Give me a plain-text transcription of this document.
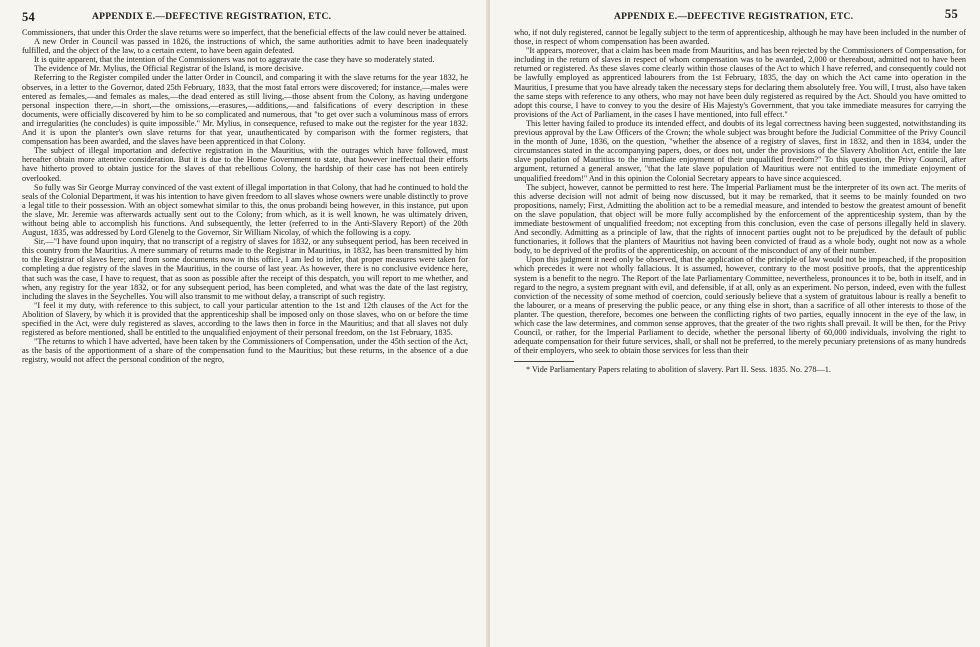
54	APPENDIX E.—DEFECTIVE REGISTRATION, ETC.

Commissioners, that under this Order the slave returns were so imperfect, that the beneficial effects of the law could never be attained.

A new Order in Council was passed in 1826, the instructions of which, the same authorities admit to have been inadequately fulfilled, and the object of the law, to a certain extent, to have been again defeated.

It is quite apparent, that the intention of the Commissioners was not to aggravate the case they have so moderately stated.

The evidence of Mr. Mylius, the Official Registrar of the Island, is more decisive.

Referring to the Register compiled under the latter Order in Council, and comparing it with the slave returns for the year 1832, he observes, in a letter to the Governor, dated 25th February, 1833, that the most fatal errors were discovered; for instance,—males were entered as females,—and females as males,—the dead entered as still living,—those absent from the Colony, as having undergone personal inspection there,—in short,—the omissions,—erasures,—additions,—and falsifications of every description in these documents, were officially discovered by him to be so complicated and numerous, that "to get over such a voluminous mass of errors and irregularities (he concludes) is quite impossible." Mr. Mylius, in consequence, refused to make out the register for the year 1832. And it is upon the planter's own slave returns for that year, unauthenticated by comparison with the former registers, that compensation has been awarded, and the slaves have been apprenticed in that Colony.

The subject of illegal importation and defective registration in the Mauritius, with the outrages which have followed, must hereafter obtain more attentive consideration. But it is due to the Home Government to state, that however ineffectual their efforts have hitherto proved to obtain justice for the slaves of that rebellious Colony, the hardship of their case has not been entirely overlooked.

So fully was Sir George Murray convinced of the vast extent of illegal importation in that Colony, that had he continued to hold the seals of the Colonial Department, it was his intention to have given freedom to all slaves whose owners were unable distinctly to prove a legal title to their possession. With an object somewhat similar to this, the onus probandi being however, in this instance, put upon the slave, Mr. Jeremie was afterwards actually sent out to the Colony; from which, as it is well known, he was ultimately driven, without being able to accomplish his functions. And subsequently, the letter (referred to in the Anti-Slavery Report) of the 20th August, 1835, was addressed by Lord Glenelg to the Governor, Sir William Nicolay, of which the following is a copy.

Sir,—"I have found upon inquiry, that no transcript of a registry of slaves for 1832, or any subsequent period, has been received in this country from the Mauritius. A mere summary of returns made to the Registrar in Mauritius, in 1832, has been transmitted by him to the Registrar of slaves here; and from some documents now in this office, I am led to infer, that proper measures were taken for completing a due registry of the slaves in the Mauritius, in the course of last year. As however, there is no conclusive evidence here, that such was the case, I have to request, that as soon as possible after the receipt of this despatch, you will report to me whether, and when, any registry for the year 1832, or for any subsequent period, has been completed, and what was the date of the last registry, including the slaves in the Seychelles. You will also transmit to me without delay, a transcript of such registry.

"I feel it my duty, with reference to this subject, to call your particular attention to the 1st and 12th clauses of the Act for the Abolition of Slavery, by which it is provided that the apprenticeship shall be imposed only on those slaves, who on or before the time specified in the Act, were duly registered as slaves, according to the laws then in force in the Mauritius; and that all slaves not duly registered as before mentioned, shall be entitled to the unqualified enjoyment of their personal freedom, on the 1st February, 1835.

"The returns to which I have adverted, have been taken by the Commissioners of Compensation, under the 45th section of the Act, as the basis of the apportionment of a share of the compensation fund to the Mauritius; but these returns, in the absence of a due registry, would not affect the personal condition of the negro,

APPENDIX E.—DEFECTIVE REGISTRATION, ETC.	55

who, if not duly registered, cannot be legally subject to the term of apprenticeship, although he may have been included in the number of those, in respect of whom compensation has been awarded.

"It appears, moreover, that a claim has been made from Mauritius, and has been rejected by the Commissioners of Compensation, for including in the return of slaves in respect of whom compensation was to be awarded, 2,000 or thereabout, admitted not to have been returned or registered. As these slaves come clearly within those clauses of the Act to which I have referred, and consequently could not be lawfully employed as apprenticed labourers from the 1st February, 1835, the day on which the Act came into operation in the Mauritius, I presume that you have already taken the necessary steps for declaring them absolutely free. You will, I trust, also have taken the same steps with reference to any others, who may not have been duly registered as required by the Act. Should you have omitted to adopt this course, I have to convey to you the desire of His Majesty's Government, that you take immediate measures for carrying the provisions of the Act of Parliament, in the cases I have mentioned, into full effect."

This letter having failed to produce its intended effect, and doubts of its legal correctness having been suggested, notwithstanding its previous approval by the Law Officers of the Crown; the whole subject was brought before the Judicial Committee of the Privy Council in the month of June, 1836, on the question, "whether the absence of a registry of slaves, first in 1832, and then in 1834, under the circumstances stated in the accompanying papers, does, or does not, under the provisions of the Slavery Abolition Act, entitle the late slave population of Mauritius to the immediate enjoyment of their unqualified freedom?" To this question, the Privy Council, after argument, returned a general answer, "that the late slave population of Mauritius were not entitled to the immediate enjoyment of unqualified freedom!" And in this opinion the Colonial Secretary appears to have since acquiesced.

The subject, however, cannot be permitted to rest here. The Imperial Parliament must be the interpreter of its own act. The merits of this adverse decision will not admit of being now discussed, but it may be remarked, that it seems to be mainly founded on two propositions, namely; First, Admitting the abolition act to be a remedial measure, and intended to bestow the greatest amount of benefit on the slave population, that object will be more fully accomplished by the enforcement of the apprenticeship system, than by the immediate bestowment of unqualified freedom; not excepting from this conclusion, even the case of persons illegally held in slavery. And secondly. Admitting as a principle of law, that the rights of innocent parties ought not to be prejudiced by the default of public functionaries, it follows that the planters of Mauritius not having been convicted of fraud as a whole body, ought not now as a whole body, to be deprived of the profits of the apprenticeship, on account of the misconduct of any of their number.

Upon this judgment it need only be observed, that the application of the principle of law would not be impeached, if the proposition which precedes it were not wholly fallacious. It is assumed, however, contrary to the most positive proofs, that the apprenticeship system is a benefit to the negro. The Report of the late Parliamentary Committee, nevertheless, pronounces it to be, both in itself, and in regard to the negro, a system pregnant with evil, and defensible, if at all, only as an experiment. No person, indeed, even with the fullest conviction of the necessity of some method of coercion, could seriously believe that a system of gratuitous labour is really a benefit to the labourer, or a means of preserving the public peace, or any thing else in short, than a sacrifice of all other interests to those of the planter. The question, therefore, becomes one between the conflicting rights of two parties, equally innocent in the eye of the law, in which case the law determines, and common sense approves, that the greater of the two rights shall prevail. It will be then, for the Privy Council, or rather, for the Imperial Parliament to decide, whether the personal liberty of 60,000 individuals, involving the right to adequate compensation for their future services, shall, or shall not be preferred, to the merely pecuniary pretensions of as many hundreds of their employers, who seek to obtain those services for less than their

* Vide Parliamentary Papers relating to abolition of slavery. Part II. Sess. 1835. No. 278—1.
